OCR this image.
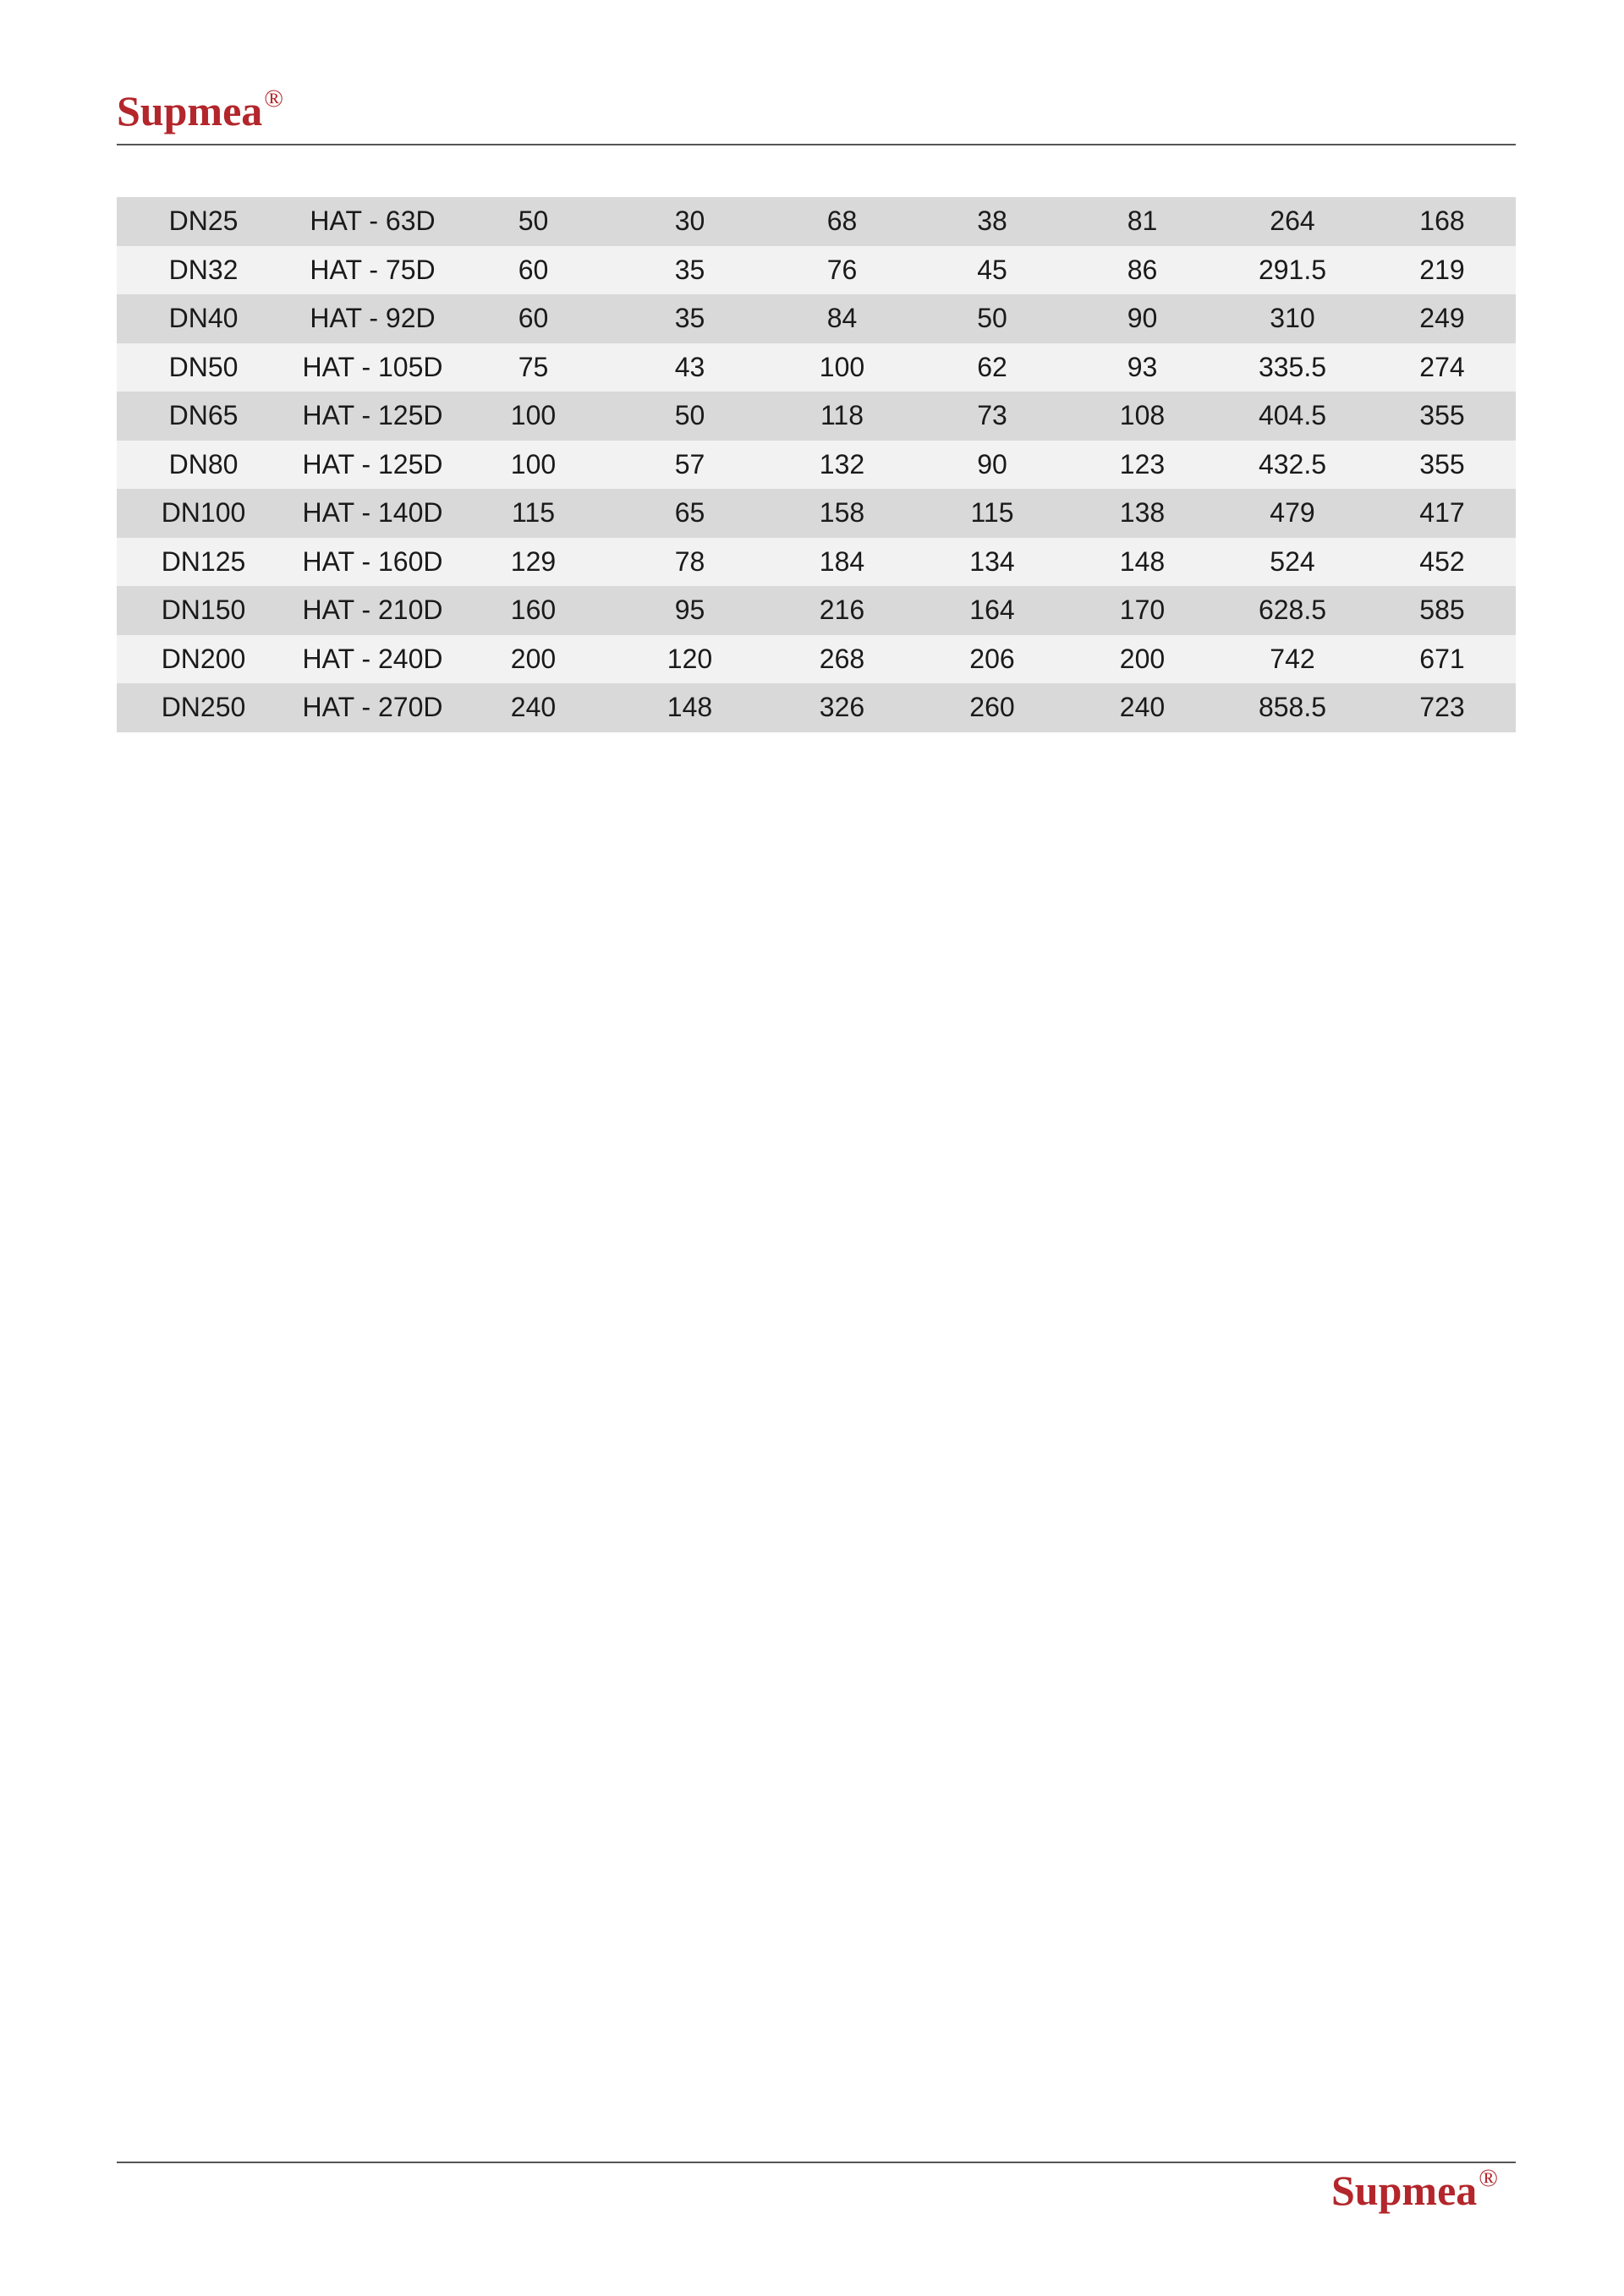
Supmea®
DN25	HAT - 63D	50	30	68	38	81	264	168
DN32	HAT - 75D	60	35	76	45	86	291.5	219
DN40	HAT - 92D	60	35	84	50	90	310	249
DN50	HAT - 105D	75	43	100	62	93	335.5	274
DN65	HAT - 125D	100	50	118	73	108	404.5	355
DN80	HAT - 125D	100	57	132	90	123	432.5	355
DN100	HAT - 140D	115	65	158	115	138	479	417
DN125	HAT - 160D	129	78	184	134	148	524	452
DN150	HAT - 210D	160	95	216	164	170	628.5	585
DN200	HAT - 240D	200	120	268	206	200	742	671
DN250	HAT - 270D	240	148	326	260	240	858.5	723
Supmea®
